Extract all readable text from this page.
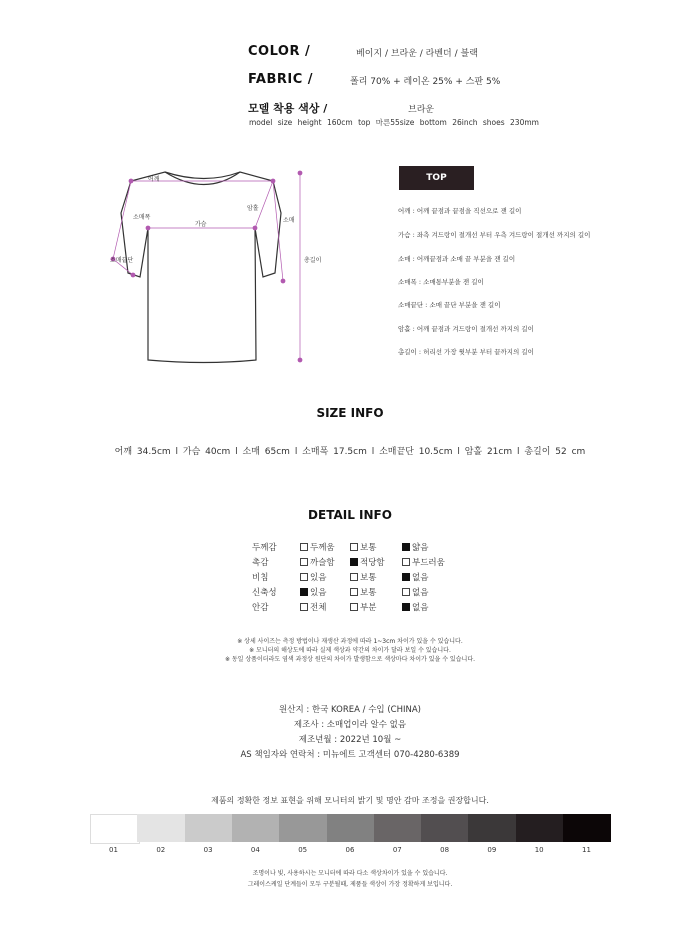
COLOR /	베이지 / 브라운 / 라벤더 / 블랙
FABRIC /	폴리 70% + 레이온 25% + 스판 5%
모델 착용 색상 /	브라운
model size height 160cm top 마른55size bottom 26inch shoes 230mm
어깨
암홀
소매
소매폭
가슴
소매끝단	총길이
TOP
어깨 : 어깨 끝점과 끝점을 직선으로 잰 길이
가슴 : 좌측 겨드랑이 절개선 부터 우측 겨드랑이 절개선 까지의 길이
소매 : 어깨끝점과 소매 끝 부분을 잰 길이
소매폭 : 소매통부분을 잰 길이
소매끝단 : 소매 끝단 부분을 잰 길이
암홀 : 어깨 끝점과 겨드랑이 절개선 까지의 길이
총길이 : 허리선 가장 윗부분 부터 끝까지의 길이
SIZE INFO
어깨 34.5cm l 가슴 40cm l 소매 65cm l 소매폭 17.5cm l 소매끝단 10.5cm l 암홀 21cm l 총길이 52 cm
DETAIL INFO
두께감	두께움	보통	얇음
촉감	까슬함	적당함	부드러움
비침	있음	보통	없음
신축성	있음	보통	없음
안감	전체	부분	없음
※ 상세 사이즈는 측정 방법이나 재생산 과정에 따라 1~3cm 차이가 있을 수 있습니다.
※ 모니터의 해상도에 따라 실제 색상과 약간의 차이가 달라 보일 수 있습니다.
※ 동일 상품이더라도 염색 과정상 원단의 차이가 발생함으로 색상마다 차이가 있을 수 있습니다.
원산지 : 한국 KOREA / 수입 (CHINA)
제조사 : 소매업이라 알수 없음
제조년월 : 2022년 10월 ~
AS 책임자와 연락처 : 미뉴에트 고객센터 070-4280-6389
제품의 정확한 정보 표현을 위해 모니터의 밝기 및 명안 감마 조정을 권장합니다.
01	02	03	04	05	06	07	08	09	10	11
조명이나 빛, 사용하시는 모니터에 따라 다소 색상차이가 있을 수 있습니다.
그레이스케일 단계들이 모두 구분될때, 제품들 색상이 가장 정확하게 보입니다.
